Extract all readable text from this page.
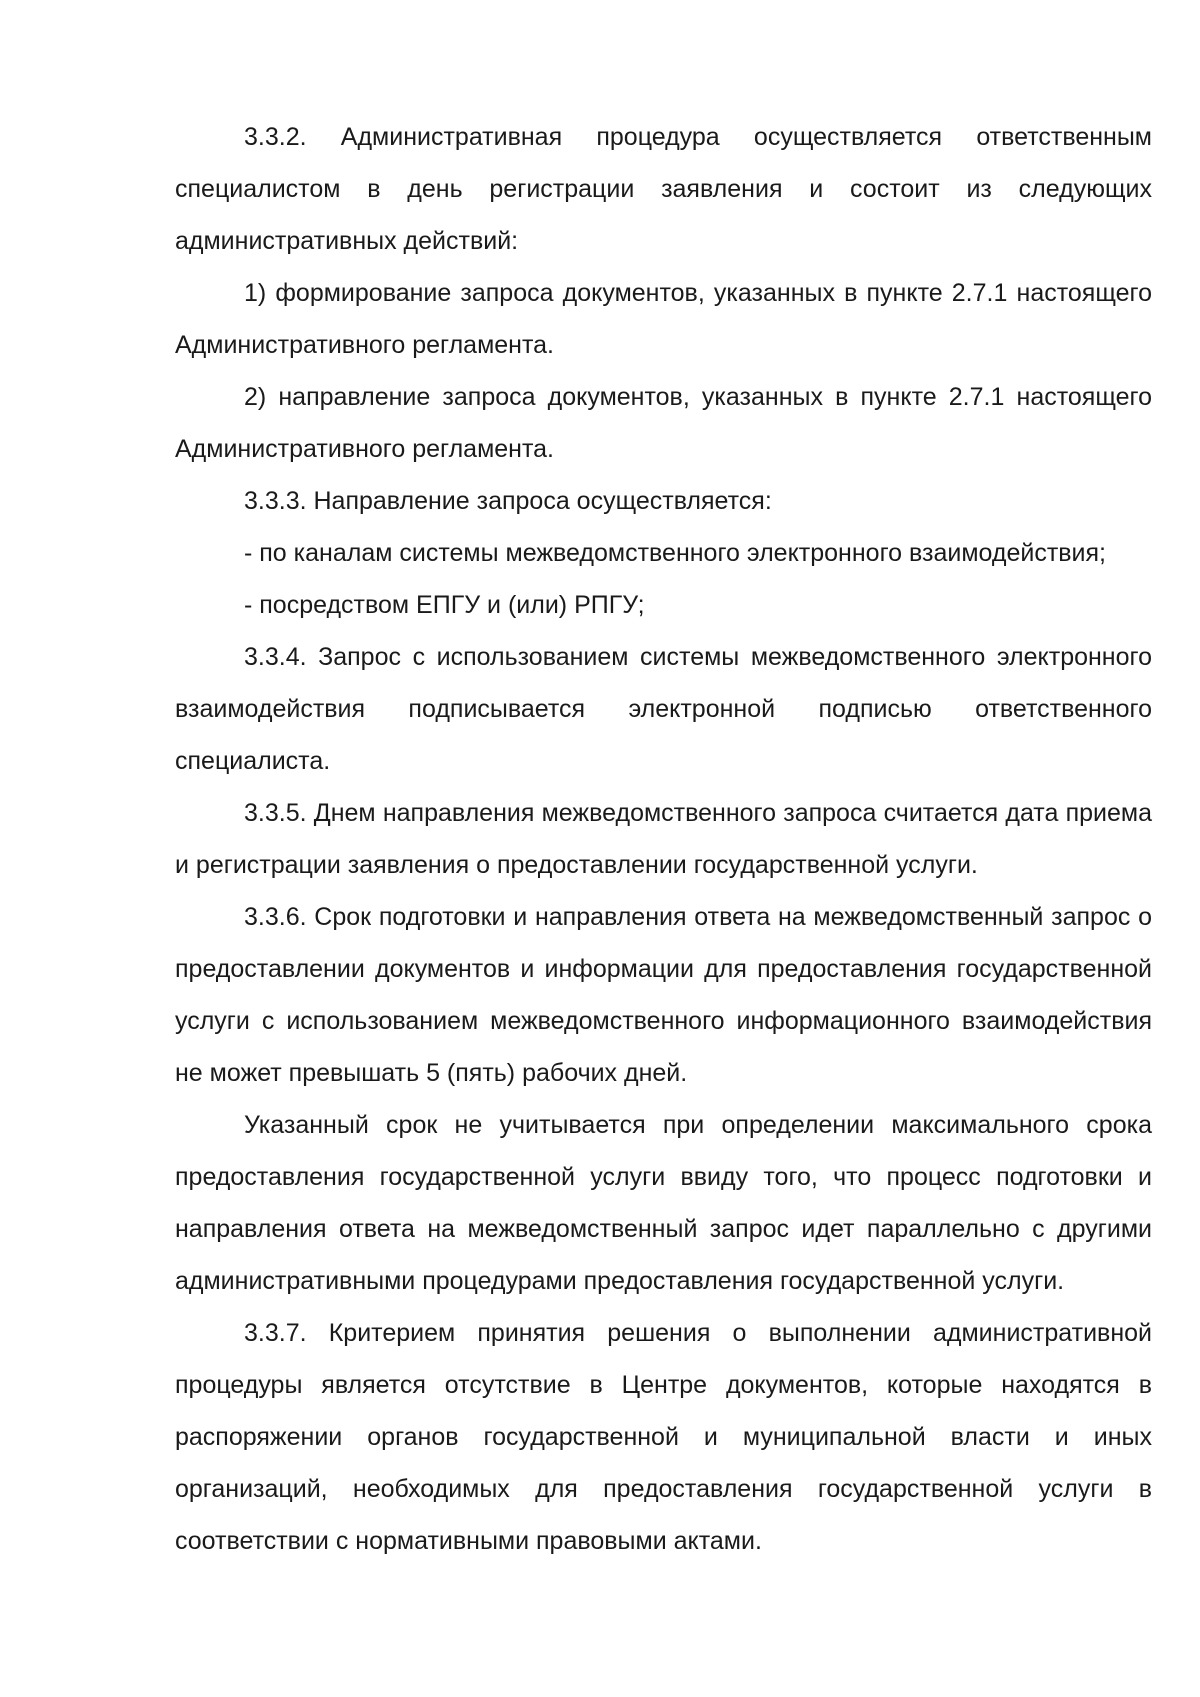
3.3.2. Административная процедура осуществляется ответственным специалистом в день регистрации заявления и состоит из следующих административных действий:

1) формирование запроса документов, указанных в пункте 2.7.1 настоящего Административного регламента.

2) направление запроса документов, указанных в пункте 2.7.1 настоящего Административного регламента.

3.3.3. Направление запроса осуществляется:

- по каналам системы межведомственного электронного взаимодействия;

- посредством ЕПГУ и (или) РПГУ;

3.3.4. Запрос с использованием системы межведомственного электронного взаимодействия подписывается электронной подписью ответственного специалиста.

3.3.5. Днем направления межведомственного запроса считается дата приема и регистрации заявления о предоставлении государственной услуги.

3.3.6. Срок подготовки и направления ответа на межведомственный запрос о предоставлении документов и информации для предоставления государственной услуги с использованием межведомственного информационного взаимодействия не может превышать 5 (пять) рабочих дней.

Указанный срок не учитывается при определении максимального срока предоставления государственной услуги ввиду того, что процесс подготовки и направления ответа на межведомственный запрос идет параллельно с другими административными процедурами предоставления государственной услуги.

3.3.7. Критерием принятия решения о выполнении административной процедуры является отсутствие в Центре документов, которые находятся в распоряжении органов государственной и муниципальной власти и иных организаций, необходимых для предоставления государственной услуги в соответствии с нормативными правовыми актами.
